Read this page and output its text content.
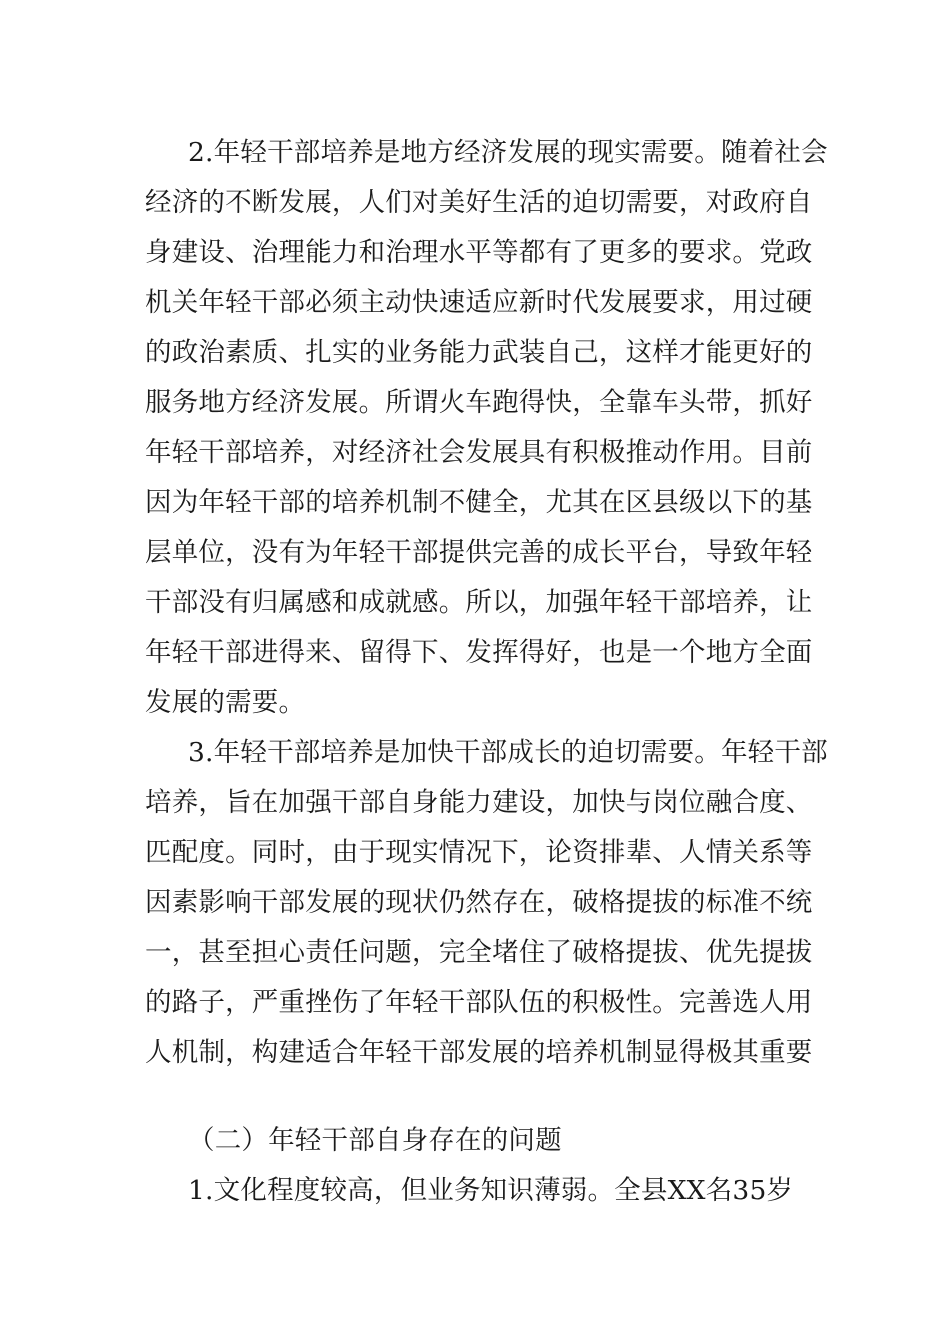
2.年轻干部培养是地方经济发展的现实需要。随着社会
经济的不断发展，人们对美好生活的迫切需要，对政府自
身建设、治理能力和治理水平等都有了更多的要求。党政
机关年轻干部必须主动快速适应新时代发展要求，用过硬
的政治素质、扎实的业务能力武装自己，这样才能更好的
服务地方经济发展。所谓火车跑得快，全靠车头带，抓好
年轻干部培养，对经济社会发展具有积极推动作用。目前
因为年轻干部的培养机制不健全，尤其在区县级以下的基
层单位，没有为年轻干部提供完善的成长平台，导致年轻
干部没有归属感和成就感。所以，加强年轻干部培养，让
年轻干部进得来、留得下、发挥得好，也是一个地方全面
发展的需要。
3.年轻干部培养是加快干部成长的迫切需要。年轻干部
培养，旨在加强干部自身能力建设，加快与岗位融合度、
匹配度。同时，由于现实情况下，论资排辈、人情关系等
因素影响干部发展的现状仍然存在，破格提拔的标准不统
一，甚至担心责任问题，完全堵住了破格提拔、优先提拔
的路子，严重挫伤了年轻干部队伍的积极性。完善选人用
人机制，构建适合年轻干部发展的培养机制显得极其重要
（二）年轻干部自身存在的问题
1.文化程度较高，但业务知识薄弱。全县XX名35岁
